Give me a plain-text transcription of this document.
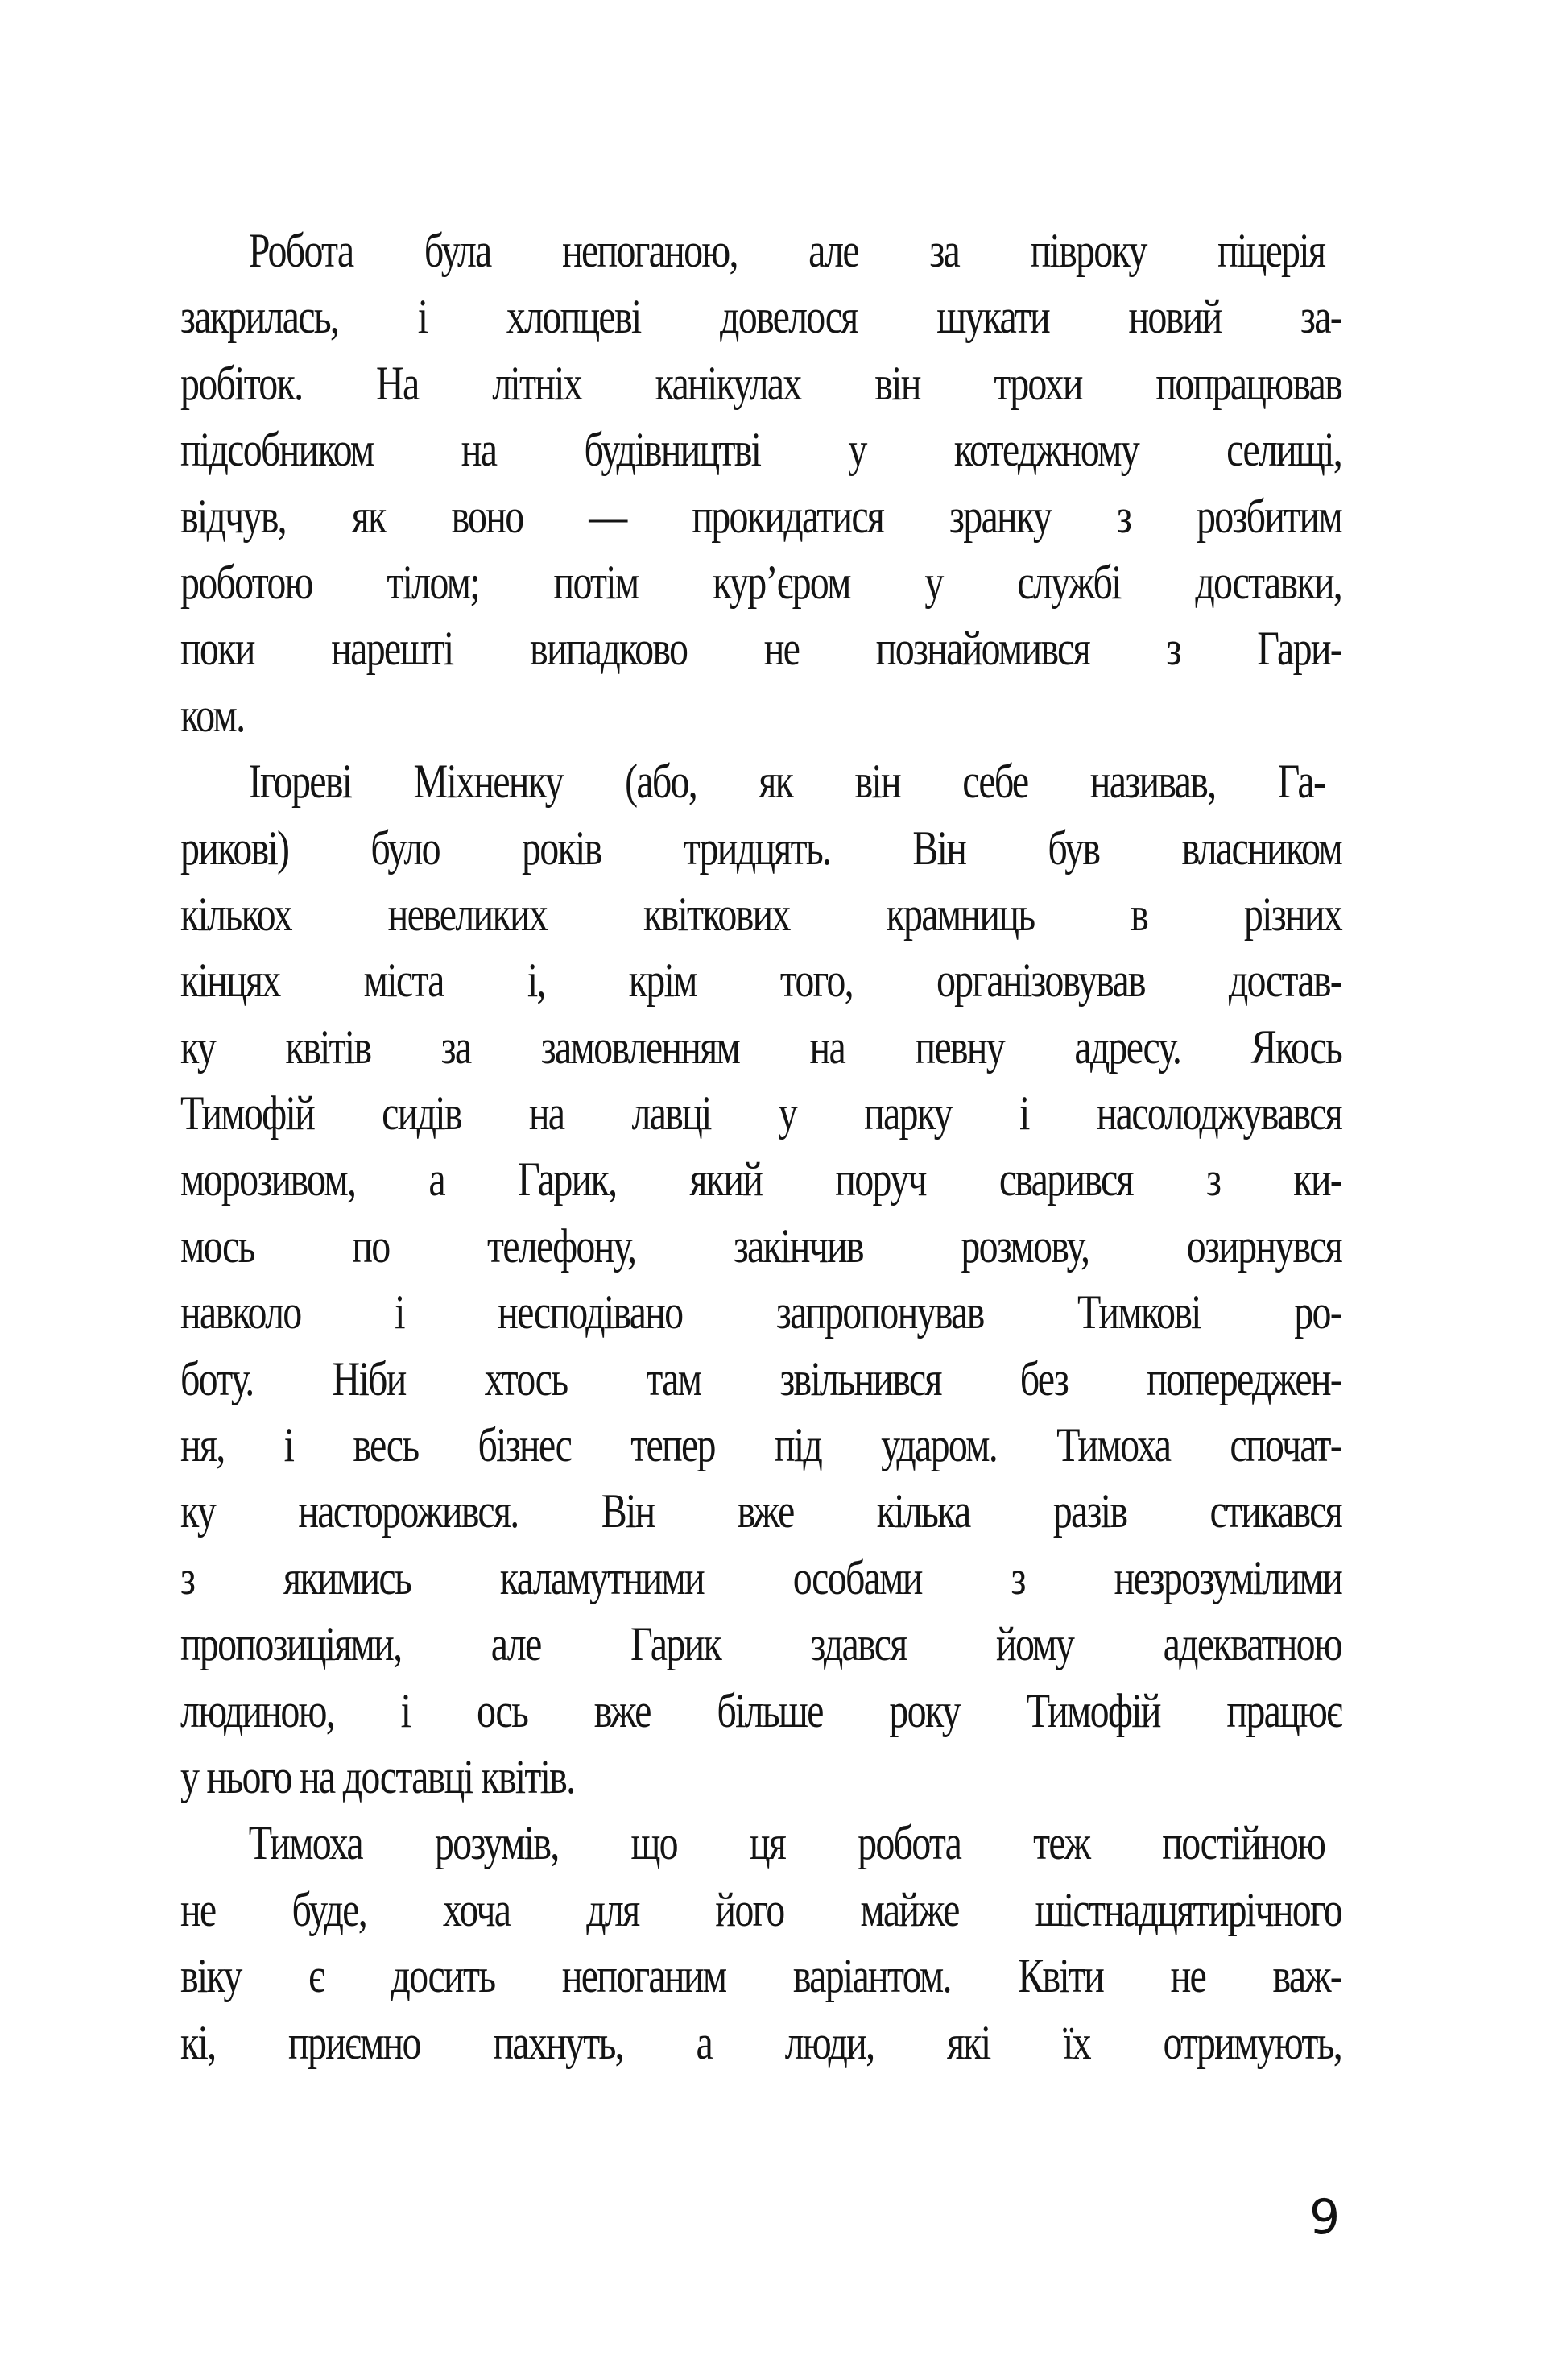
Робота була непоганою, але за півроку піцерія
закрилась, і хлопцеві довелося шукати новий за-
робіток. На літніх канікулах він трохи попрацював
підсобником на будівництві у котеджному селищі,
відчув, як воно — прокидатися зранку з розбитим
роботою тілом; потім кур’єром у службі доставки,
поки нарешті випадково не познайомився з Гари-
ком.
Ігореві Міхненку (або, як він себе називав, Га-
рикові) було років тридцять. Він був власником
кількох невеликих квіткових крамниць в різних
кінцях міста і, крім того, організовував достав-
ку квітів за замовленням на певну адресу. Якось
Тимофій сидів на лавці у парку і насолоджувався
морозивом, а Гарик, який поруч сварився з ки-
мось по телефону, закінчив розмову, озирнувся
навколо і несподівано запропонував Тимкові ро-
боту. Ніби хтось там звільнився без попереджен-
ня, і весь бізнес тепер під ударом. Тимоха спочат-
ку насторожився. Він вже кілька разів стикався
з якимись каламутними особами з незрозумілими
пропозиціями, але Гарик здався йому адекватною
людиною, і ось вже більше року Тимофій працює
у нього на доставці квітів.
Тимоха розумів, що ця робота теж постійною
не буде, хоча для його майже шістнадцятирічного
віку є досить непоганим варіантом. Квіти не важ-
кі, приємно пахнуть, а люди, які їх отримують,
9
